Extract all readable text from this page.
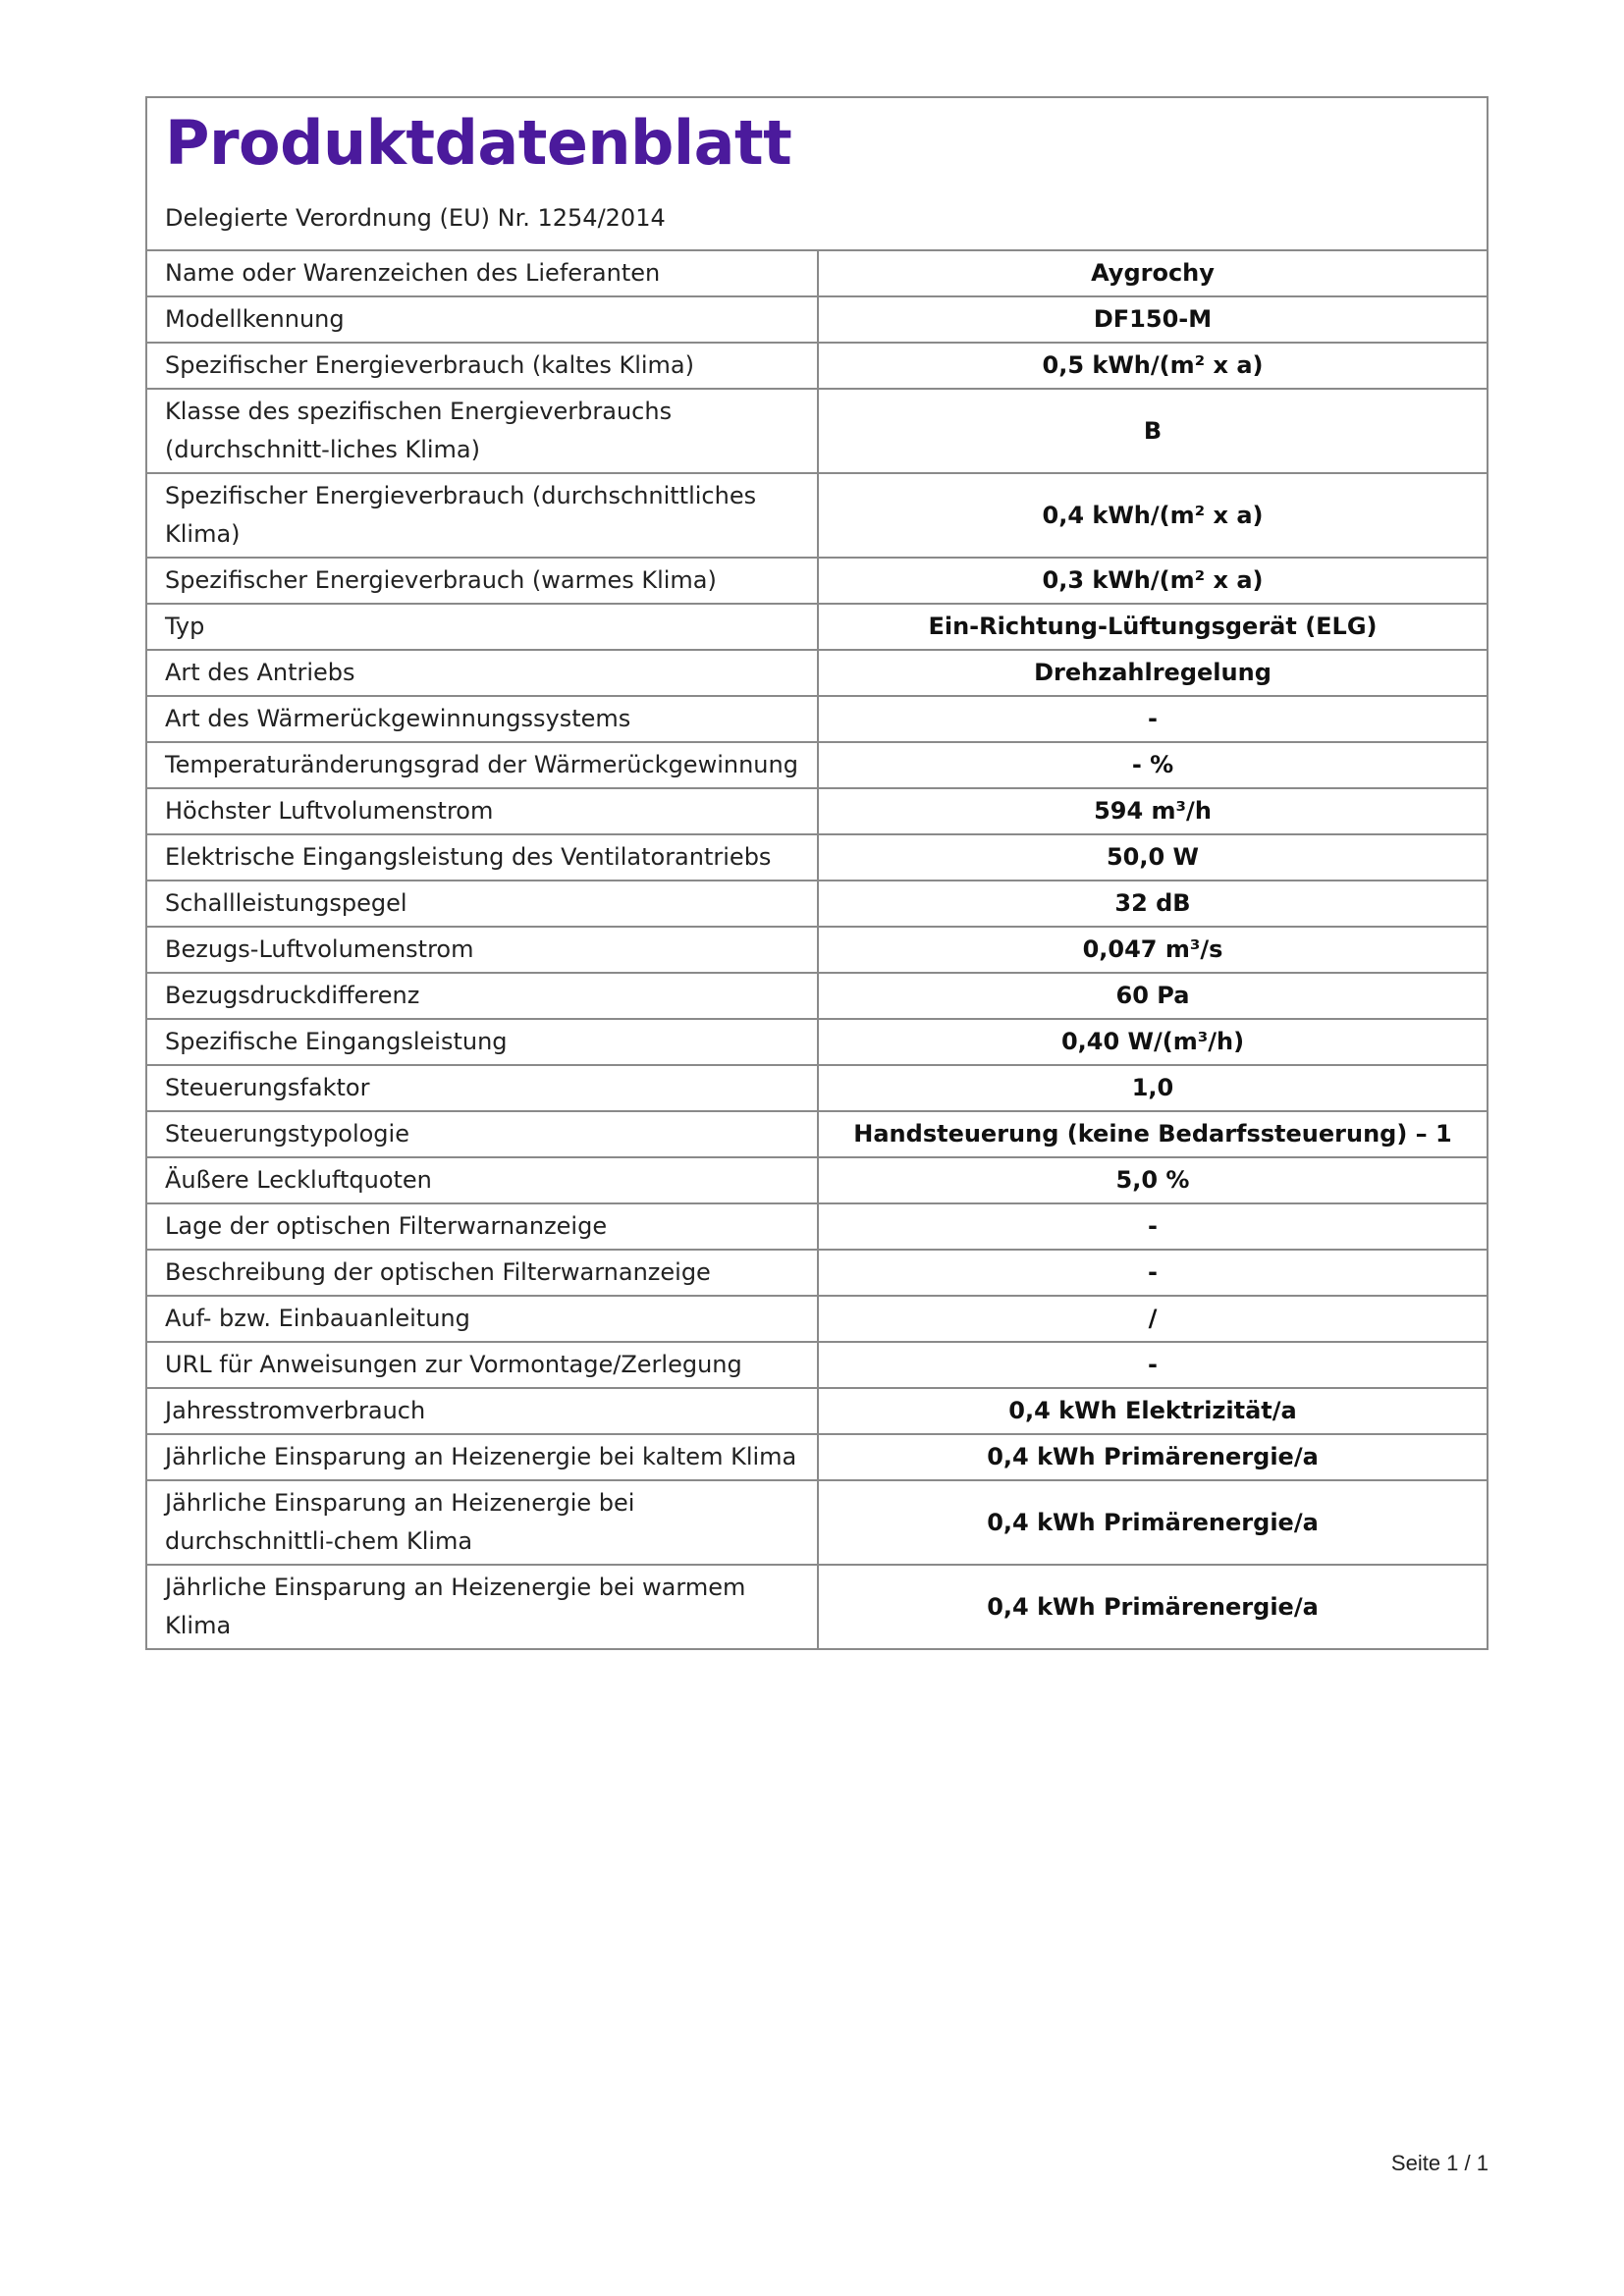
Produktdatenblatt
Delegierte Verordnung (EU) Nr. 1254/2014
Name oder Warenzeichen des Lieferanten	Aygrochy
Modellkennung	DF150-M
Spezifischer Energieverbrauch (kaltes Klima)	0,5 kWh/(m² x a)
Klasse des spezifischen Energieverbrauchs (durchschnitt-liches Klima)	B
Spezifischer Energieverbrauch (durchschnittliches Klima)	0,4 kWh/(m² x a)
Spezifischer Energieverbrauch (warmes Klima)	0,3 kWh/(m² x a)
Typ	Ein-Richtung-Lüftungsgerät (ELG)
Art des Antriebs	Drehzahlregelung
Art des Wärmerückgewinnungssystems	-
Temperaturänderungsgrad der Wärmerückgewinnung	- %
Höchster Luftvolumenstrom	594 m³/h
Elektrische Eingangsleistung des Ventilatorantriebs	50,0 W
Schallleistungspegel	32 dB
Bezugs-Luftvolumenstrom	0,047 m³/s
Bezugsdruckdifferenz	60 Pa
Spezifische Eingangsleistung	0,40 W/(m³/h)
Steuerungsfaktor	1,0
Steuerungstypologie	Handsteuerung (keine Bedarfssteuerung) – 1
Äußere Leckluftquoten	5,0 %
Lage der optischen Filterwarnanzeige	-
Beschreibung der optischen Filterwarnanzeige	-
Auf- bzw. Einbauanleitung	/
URL für Anweisungen zur Vormontage/Zerlegung	-
Jahresstromverbrauch	0,4 kWh Elektrizität/a
Jährliche Einsparung an Heizenergie bei kaltem Klima	0,4 kWh Primärenergie/a
Jährliche Einsparung an Heizenergie bei durchschnittli-chem Klima	0,4 kWh Primärenergie/a
Jährliche Einsparung an Heizenergie bei warmem Klima	0,4 kWh Primärenergie/a
Seite 1 / 1
